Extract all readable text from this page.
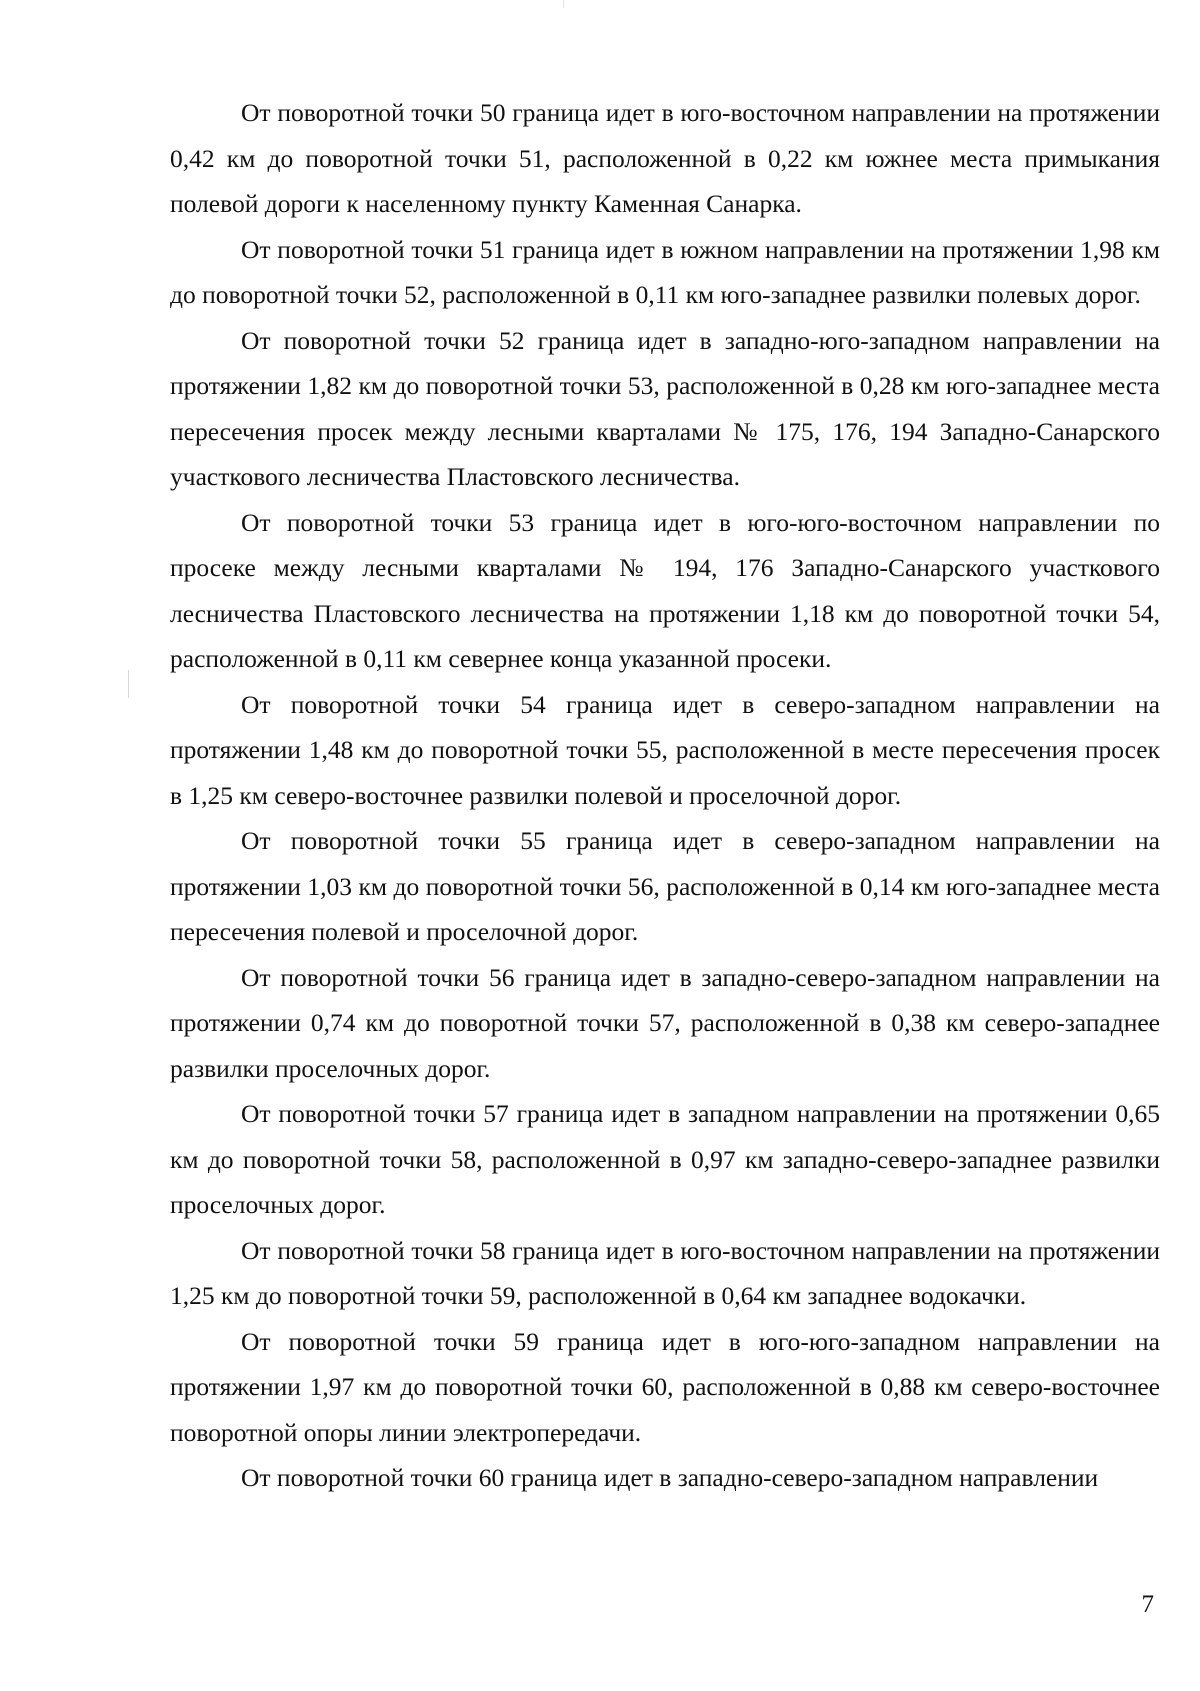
От поворотной точки 50 граница идет в юго-восточном направлении на протяжении 0,42 км до поворотной точки 51, расположенной в 0,22 км южнее места примыкания полевой дороги к населенному пункту Каменная Санарка.

От поворотной точки 51 граница идет в южном направлении на протяжении 1,98 км до поворотной точки 52, расположенной в 0,11 км юго-западнее развилки полевых дорог.

От поворотной точки 52 граница идет в западно-юго-западном направлении на протяжении 1,82 км до поворотной точки 53, расположенной в 0,28 км юго-западнее места пересечения просек между лесными кварталами № 175, 176, 194 Западно-Санарского участкового лесничества Пластовского лесничества.

От поворотной точки 53 граница идет в юго-юго-восточном направлении по просеке между лесными кварталами № 194, 176 Западно-Санарского участкового лесничества Пластовского лесничества на протяжении 1,18 км до поворотной точки 54, расположенной в 0,11 км севернее конца указанной просеки.

От поворотной точки 54 граница идет в северо-западном направлении на протяжении 1,48 км до поворотной точки 55, расположенной в месте пересечения просек в 1,25 км северо-восточнее развилки полевой и проселочной дорог.

От поворотной точки 55 граница идет в северо-западном направлении на протяжении 1,03 км до поворотной точки 56, расположенной в 0,14 км юго-западнее места пересечения полевой и проселочной дорог.

От поворотной точки 56 граница идет в западно-северо-западном направлении на протяжении 0,74 км до поворотной точки 57, расположенной в 0,38 км северо-западнее развилки проселочных дорог.

От поворотной точки 57 граница идет в западном направлении на протяжении 0,65 км до поворотной точки 58, расположенной в 0,97 км западно-северо-западнее развилки проселочных дорог.

От поворотной точки 58 граница идет в юго-восточном направлении на протяжении 1,25 км до поворотной точки 59, расположенной в 0,64 км западнее водокачки.

От поворотной точки 59 граница идет в юго-юго-западном направлении на протяжении 1,97 км до поворотной точки 60, расположенной в 0,88 км северо-восточнее поворотной опоры линии электропередачи.

От поворотной точки 60 граница идет в западно-северо-западном направлении

7
